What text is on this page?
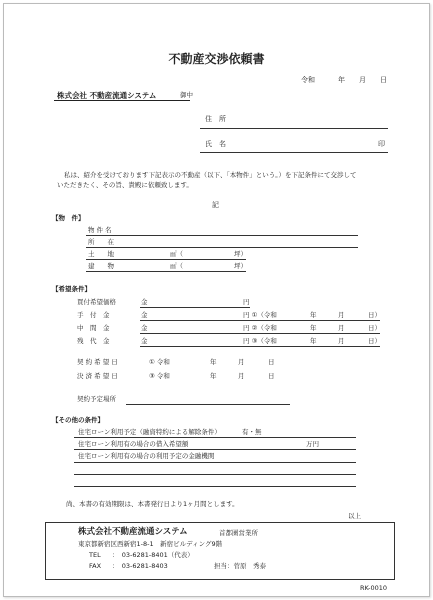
不動産交渉依頼書
令和	年 月 日
株式会社 不動産流通システム	御中
住　所
氏　名	印
私は、紹介を受けております下記表示の不動産（以下、「本物件」という。）を下記条件にて交渉して
いただきたく、その旨、貴殿に依頼致します。
記
【物　件】
物 件 名
所　　在
土　　地	㎡（	坪）
建　　物	㎡（	坪）
【希望条件】
買付希望価格	金	円
手　付　金	金	円 ①（令和	年	月	日）
中　間　金	金	円 ②（令和	年	月	日）
残　代　金	金	円 ③（令和	年	月	日）
契 約 希 望 日	① 令和	年	月	日
決 済 希 望 日	③ 令和	年	月	日
契約予定場所
【その他の条件】
住宅ローン利用予定（融資特約による解除条件）	有・無
住宅ローン利用有の場合の借入希望額	万円
住宅ローン利用有の場合の利用予定の金融機関
尚、本書の有効期限は、本書発行日より1ヶ月間とします。
以上
株式会社不動産流通システム	首都圏営業所
東京都新宿区西新宿1-8-1　新宿ビルディング9階
TEL ：　03-6281-8401（代表）
FAX ：　03-6281-8403	担当：菅原　秀泰
RK-0010
